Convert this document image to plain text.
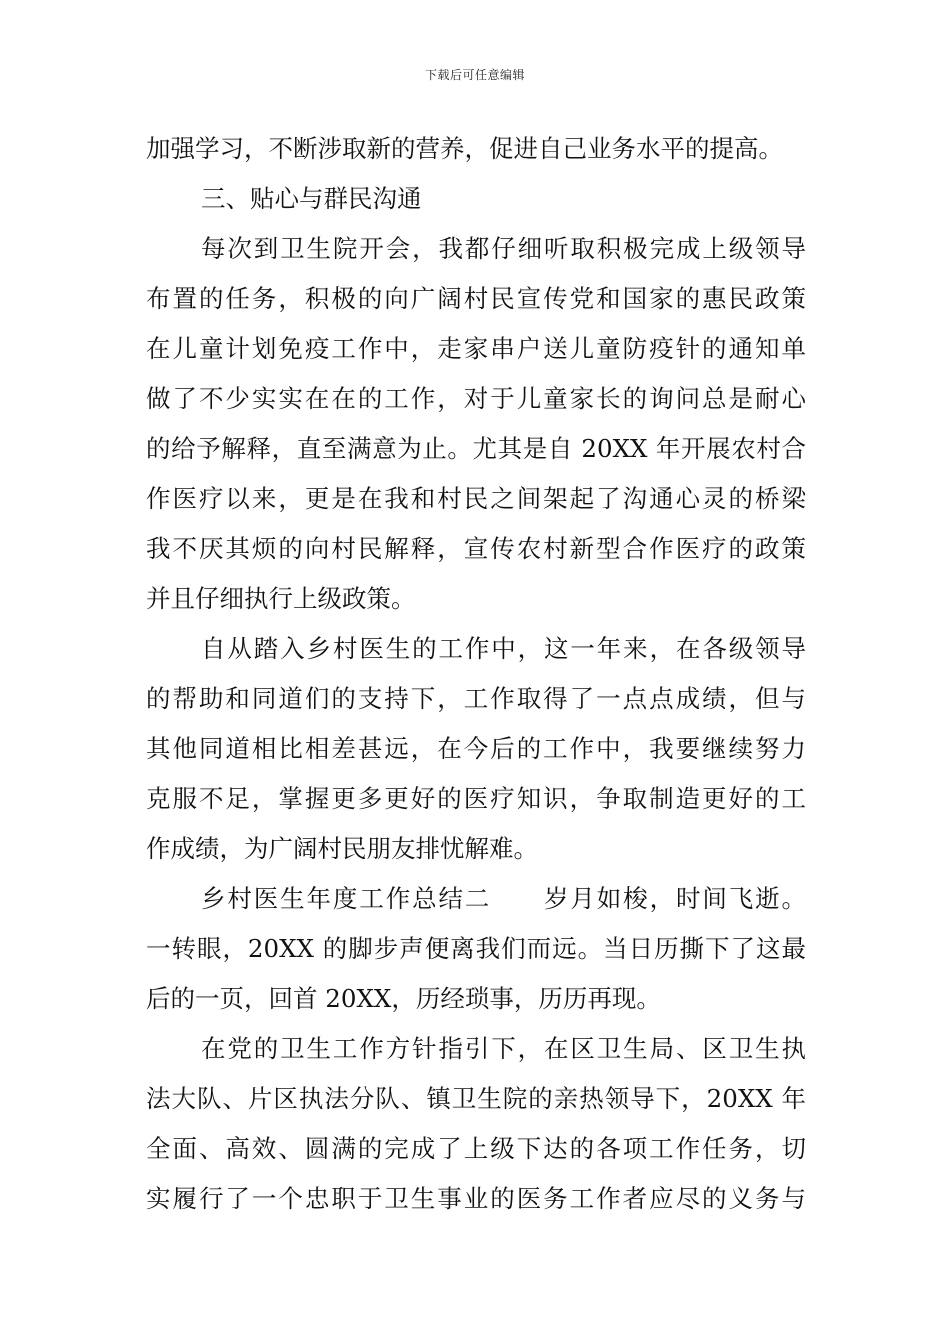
下载后可任意编辑
加强学习，不断涉取新的营养，促进自己业务水平的提高。
三、贴心与群民沟通
每次到卫生院开会，我都仔细听取积极完成上级领导
布置的任务，积极的向广阔村民宣传党和国家的惠民政策
在儿童计划免疫工作中，走家串户送儿童防疫针的通知单
做了不少实实在在的工作，对于儿童家长的询问总是耐心
的给予解释，直至满意为止。尤其是自 20XX 年开展农村合
作医疗以来，更是在我和村民之间架起了沟通心灵的桥梁
我不厌其烦的向村民解释，宣传农村新型合作医疗的政策
并且仔细执行上级政策。
自从踏入乡村医生的工作中，这一年来，在各级领导
的帮助和同道们的支持下，工作取得了一点点成绩，但与
其他同道相比相差甚远，在今后的工作中，我要继续努力
克服不足，掌握更多更好的医疗知识，争取制造更好的工
作成绩，为广阔村民朋友排忧解难。
乡村医生年度工作总结二　　岁月如梭，时间飞逝。
一转眼，20XX 的脚步声便离我们而远。当日历撕下了这最
后的一页，回首 20XX，历经琐事，历历再现。
在党的卫生工作方针指引下，在区卫生局、区卫生执
法大队、片区执法分队、镇卫生院的亲热领导下，20XX 年
全面、高效、圆满的完成了上级下达的各项工作任务，切
实履行了一个忠职于卫生事业的医务工作者应尽的义务与
